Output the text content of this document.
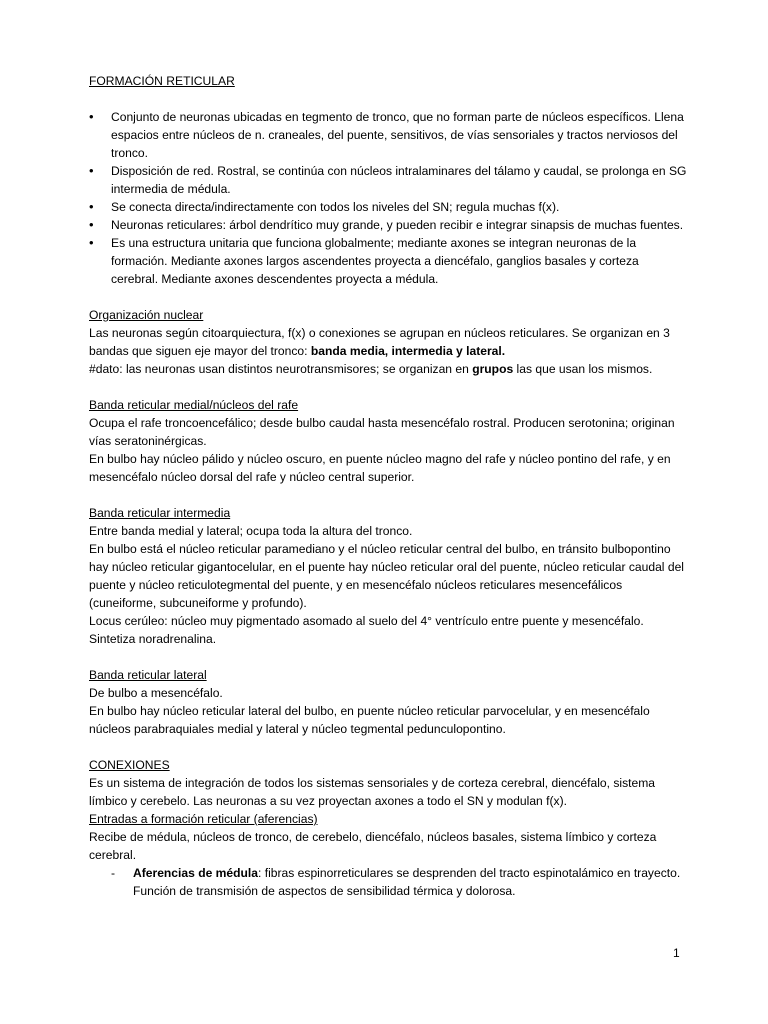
FORMACIÓN RETICULAR

• Conjunto de neuronas ubicadas en tegmento de tronco, que no forman parte de núcleos específicos. Llena espacios entre núcleos de n. craneales, del puente, sensitivos, de vías sensoriales y tractos nerviosos del tronco.
• Disposición de red. Rostral, se continúa con núcleos intralaminares del tálamo y caudal, se prolonga en SG intermedia de médula.
• Se conecta directa/indirectamente con todos los niveles del SN; regula muchas f(x).
• Neuronas reticulares: árbol dendrítico muy grande, y pueden recibir e integrar sinapsis de muchas fuentes.
• Es una estructura unitaria que funciona globalmente; mediante axones se integran neuronas de la formación. Mediante axones largos ascendentes proyecta a diencéfalo, ganglios basales y corteza cerebral. Mediante axones descendentes proyecta a médula.

Organización nuclear

Las neuronas según citoarquiectura, f(x) o conexiones se agrupan en núcleos reticulares. Se organizan en 3 bandas que siguen eje mayor del tronco: banda media, intermedia y lateral.

#dato: las neuronas usan distintos neurotransmisores; se organizan en grupos las que usan los mismos.

Banda reticular medial/núcleos del rafe

Ocupa el rafe troncoencefálico; desde bulbo caudal hasta mesencéfalo rostral. Producen serotonina; originan vías seratoninérgicas.

En bulbo hay núcleo pálido y núcleo oscuro, en puente núcleo magno del rafe y núcleo pontino del rafe, y en mesencéfalo núcleo dorsal del rafe y núcleo central superior.

Banda reticular intermedia

Entre banda medial y lateral; ocupa toda la altura del tronco.

En bulbo está el núcleo reticular paramediano y el núcleo reticular central del bulbo, en tránsito bulbopontino hay núcleo reticular gigantocelular, en el puente hay núcleo reticular oral del puente, núcleo reticular caudal del puente y núcleo reticulotegmental del puente, y en mesencéfalo núcleos reticulares mesencefálicos (cuneiforme, subcuneiforme y profundo).

Locus cerúleo: núcleo muy pigmentado asomado al suelo del 4° ventrículo entre puente y mesencéfalo. Sintetiza noradrenalina.

Banda reticular lateral

De bulbo a mesencéfalo.

En bulbo hay núcleo reticular lateral del bulbo, en puente núcleo reticular parvocelular, y en mesencéfalo núcleos parabraquiales medial y lateral y núcleo tegmental pedunculopontino.

CONEXIONES

Es un sistema de integración de todos los sistemas sensoriales y de corteza cerebral, diencéfalo, sistema límbico y cerebelo. Las neuronas a su vez proyectan axones a todo el SN y modulan f(x).

Entradas a formación reticular (aferencias)

Recibe de médula, núcleos de tronco, de cerebelo, diencéfalo, núcleos basales, sistema límbico y corteza cerebral.

- Aferencias de médula: fibras espinorreticulares se desprenden del tracto espinotalámico en trayecto. Función de transmisión de aspectos de sensibilidad térmica y dolorosa.
1
